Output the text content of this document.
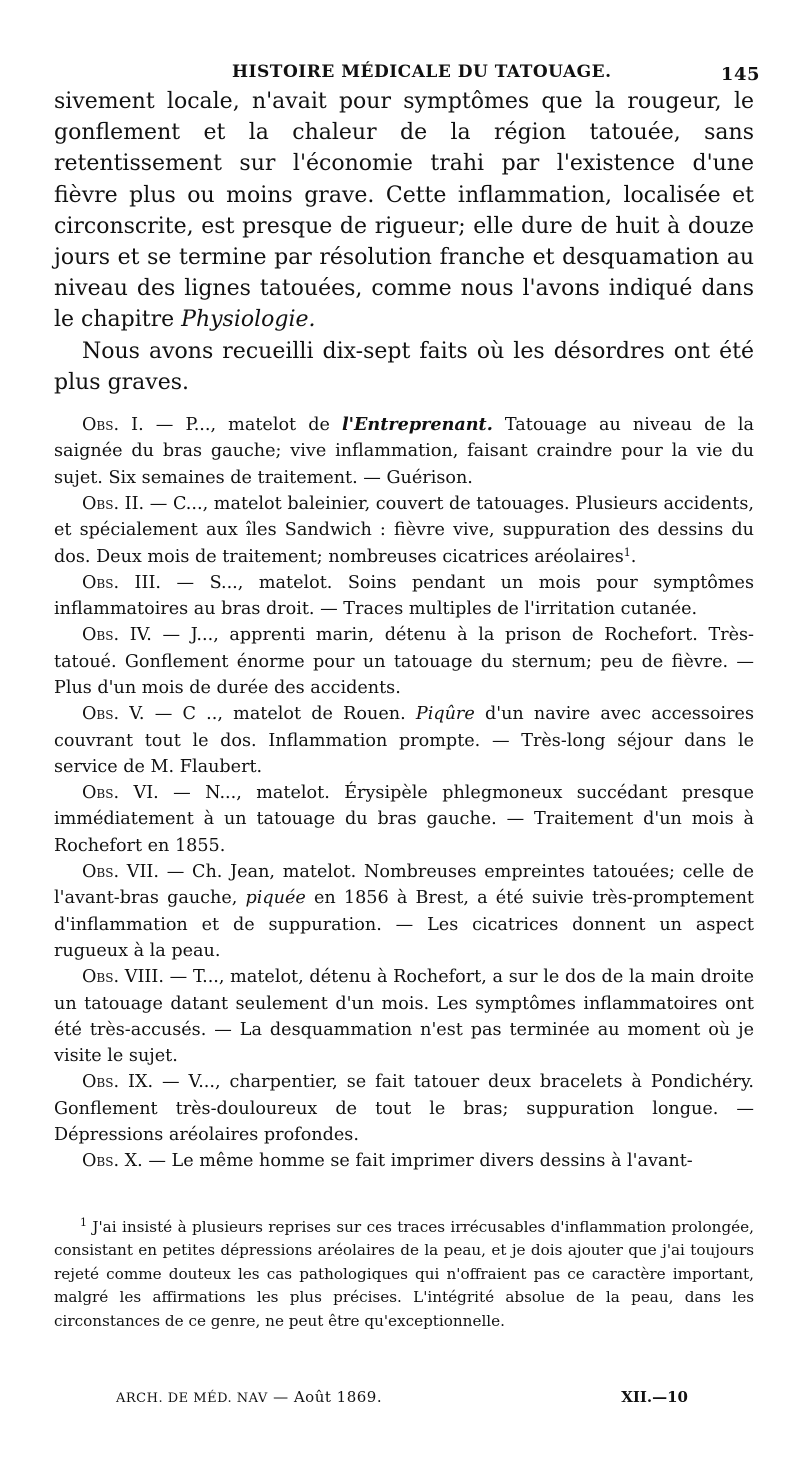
HISTOIRE MÉDICALE DU TATOUAGE.	145

sivement locale, n'avait pour symptômes que la rougeur, le gonflement et la chaleur de la région tatouée, sans retentissement sur l'économie trahi par l'existence d'une fièvre plus ou moins grave. Cette inflammation, localisée et circonscrite, est presque de rigueur; elle dure de huit à douze jours et se termine par résolution franche et desquamation au niveau des lignes tatouées, comme nous l'avons indiqué dans le chapitre Physiologie.

Nous avons recueilli dix-sept faits où les désordres ont été plus graves.

Obs. I. — P..., matelot de l'Entreprenant. Tatouage au niveau de la saignée du bras gauche; vive inflammation, faisant craindre pour la vie du sujet. Six semaines de traitement. — Guérison.

Obs. II. — C..., matelot baleinier, couvert de tatouages. Plusieurs accidents, et spécialement aux îles Sandwich : fièvre vive, suppuration des dessins du dos. Deux mois de traitement; nombreuses cicatrices aréolaires$^1$.

Obs. III. — S..., matelot. Soins pendant un mois pour symptômes inflammatoires au bras droit. — Traces multiples de l'irritation cutanée.

Obs. IV. — J..., apprenti marin, détenu à la prison de Rochefort. Très-tatoué. Gonflement énorme pour un tatouage du sternum; peu de fièvre. — Plus d'un mois de durée des accidents.

Obs. V. — C .., matelot de Rouen. Piqûre d'un navire avec accessoires couvrant tout le dos. Inflammation prompte. — Très-long séjour dans le service de M. Flaubert.

Obs. VI. — N..., matelot. Érysipèle phlegmoneux succédant presque immédiatement à un tatouage du bras gauche. — Traitement d'un mois à Rochefort en 1855.

Obs. VII. — Ch. Jean, matelot. Nombreuses empreintes tatouées; celle de l'avant-bras gauche, piquée en 1856 à Brest, a été suivie très-promptement d'inflammation et de suppuration. — Les cicatrices donnent un aspect rugueux à la peau.

Obs. VIII. — T..., matelot, détenu à Rochefort, a sur le dos de la main droite un tatouage datant seulement d'un mois. Les symptômes inflammatoires ont été très-accusés. — La desquammation n'est pas terminée au moment où je visite le sujet.

Obs. IX. — V..., charpentier, se fait tatouer deux bracelets à Pondichéry. Gonflement très-douloureux de tout le bras; suppuration longue. — Dépressions aréolaires profondes.

Obs. X. — Le même homme se fait imprimer divers dessins à l'avant-

$^1$ J'ai insisté à plusieurs reprises sur ces traces irrécusables d'inflammation prolongée, consistant en petites dépressions aréolaires de la peau, et je dois ajouter que j'ai toujours rejeté comme douteux les cas pathologiques qui n'offraient pas ce caractère important, malgré les affirmations les plus précises. L'intégrité absolue de la peau, dans les circonstances de ce genre, ne peut être qu'exceptionnelle.

ARCH. DE MÉD. NAV — Août 1869.	XII.—10
